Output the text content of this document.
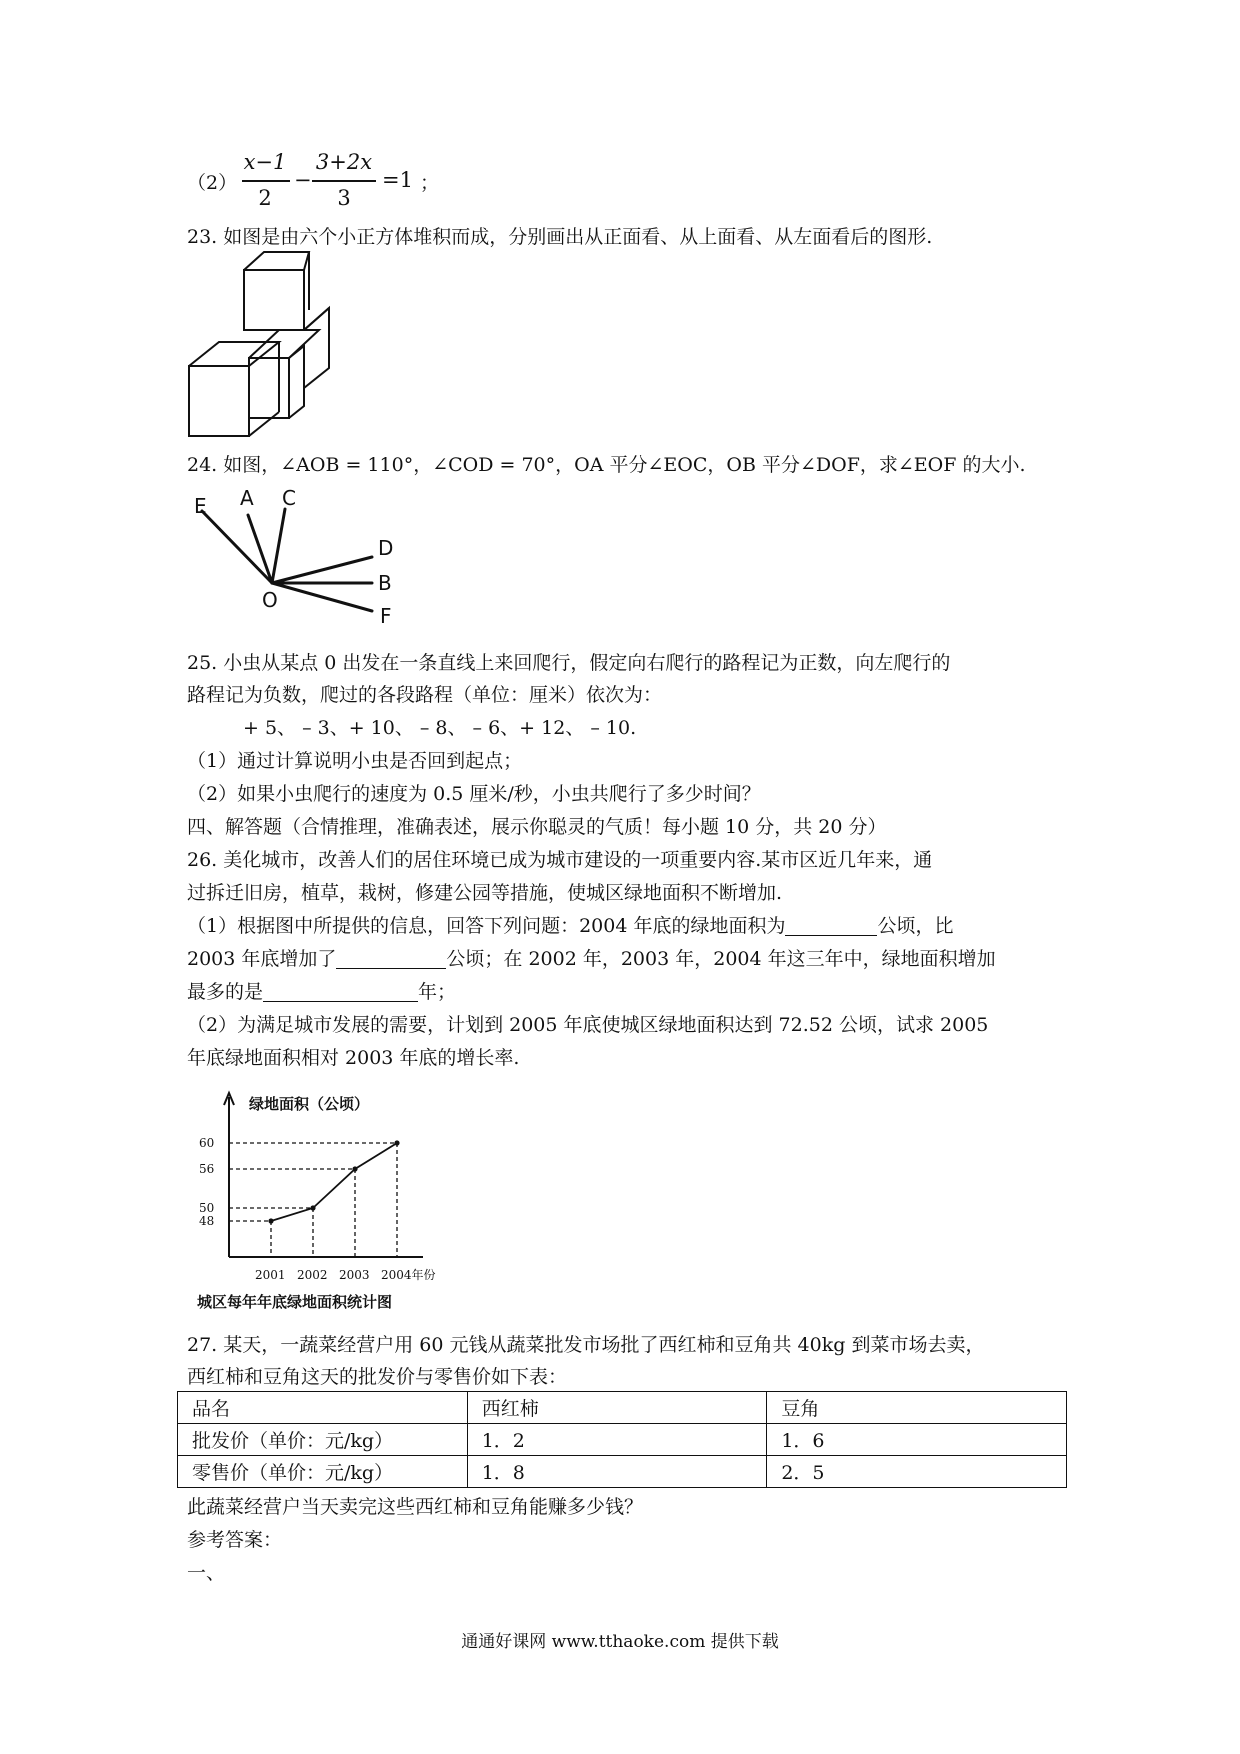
（2）
x−1
2
−
3+2x
3
=1 ；
23. 如图是由六个小正方体堆积而成，分别画出从正面看、从上面看、从左面看后的图形.
24. 如图，∠AOB = 110°，∠COD = 70°，OA 平分∠EOC，OB 平分∠DOF，求∠EOF 的大小.
E A C
D
B
O
F
25. 小虫从某点 0 出发在一条直线上来回爬行，假定向右爬行的路程记为正数，向左爬行的
路程记为负数，爬过的各段路程（单位：厘米）依次为：
+ 5、 – 3、+ 10、 – 8、 – 6、+ 12、 – 10.
（1）通过计算说明小虫是否回到起点；
（2）如果小虫爬行的速度为 0.5 厘米/秒，小虫共爬行了多少时间？
四、解答题（合情推理，准确表述，展示你聪灵的气质！每小题 10 分，共 20 分）
26. 美化城市，改善人们的居住环境已成为城市建设的一项重要内容.某市区近几年来，通
过拆迁旧房，植草，栽树，修建公园等措施，使城区绿地面积不断增加.
（1）根据图中所提供的信息，回答下列问题：2004 年底的绿地面积为	公顷，比
2003 年底增加了	公顷；在 2002 年，2003 年，2004 年这三年中，绿地面积增加
最多的是	年；
（2）为满足城市发展的需要，计划到 2005 年底使城区绿地面积达到 72.52 公顷，试求 2005
年底绿地面积相对 2003 年底的增长率.
48
50
56
60
2001 2002 2003 2004年份
绿地面积（公顷）
城区每年年底绿地面积统计图
27. 某天，一蔬菜经营户用 60 元钱从蔬菜批发市场批了西红柿和豆角共 40kg 到菜市场去卖，
西红柿和豆角这天的批发价与零售价如下表：
品名	西红柿	豆角
批发价（单价：元/kg）	1．2	1．6
零售价（单价：元/kg）	1．8	2．5
此蔬菜经营户当天卖完这些西红柿和豆角能赚多少钱？
参考答案：
一、
通通好课网 www.tthaoke.com 提供下载
